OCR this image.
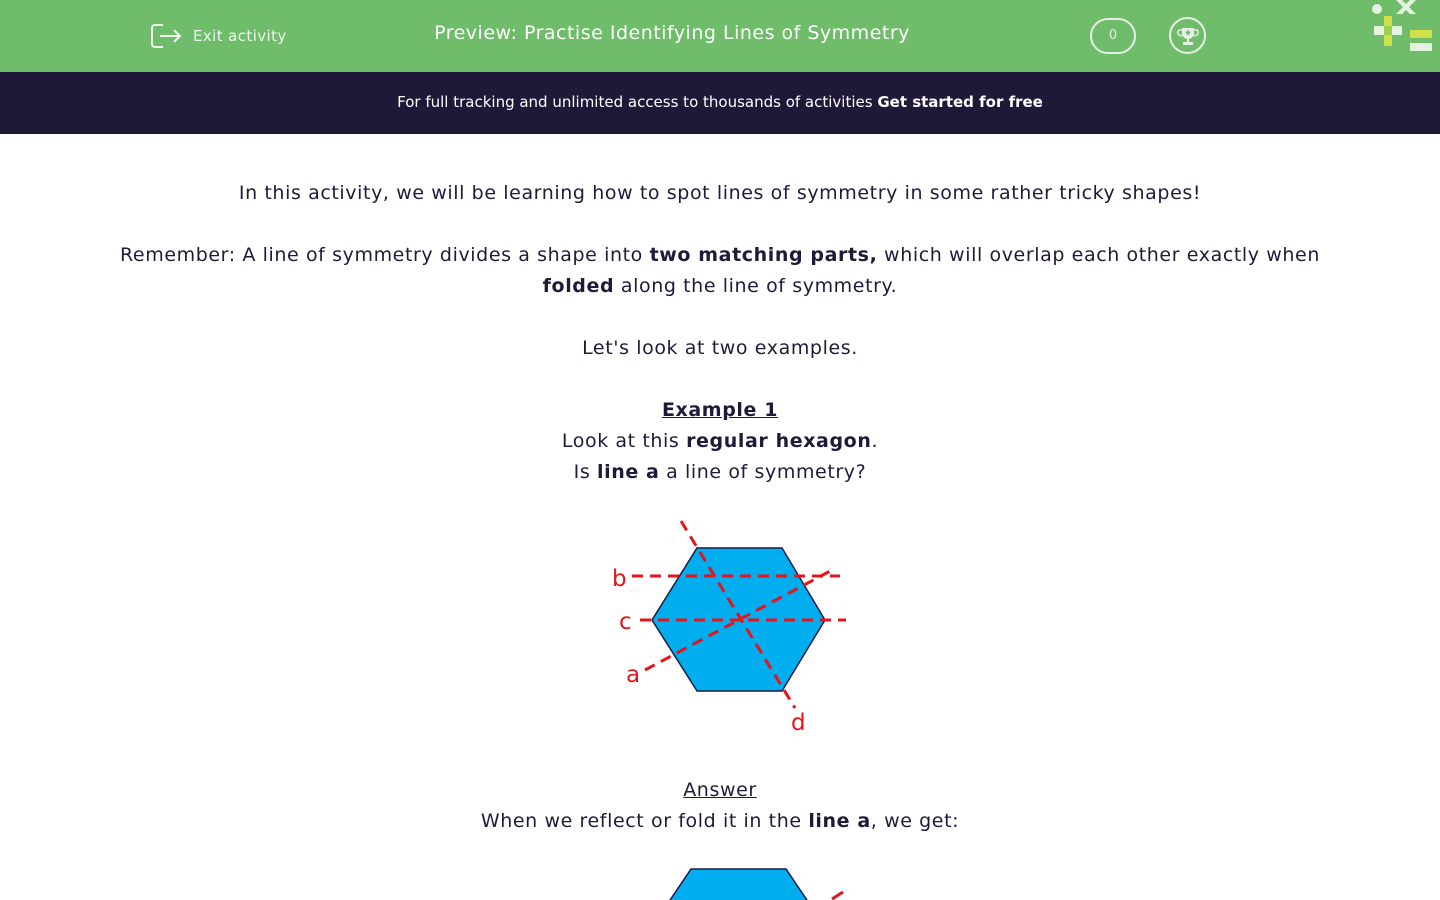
Exit activity	Preview: Practise Identifying Lines of Symmetry	0
For full tracking and unlimited access to thousands of activities Get started for free

In this activity, we will be learning how to spot lines of symmetry in some rather tricky shapes!

Remember: A line of symmetry divides a shape into two matching parts, which will overlap each other exactly when
folded along the line of symmetry.

Let's look at two examples.

Example 1

Look at this regular hexagon.

Is line a a line of symmetry?

b
c
a
d

Answer

When we reflect or fold it in the line a, we get:
